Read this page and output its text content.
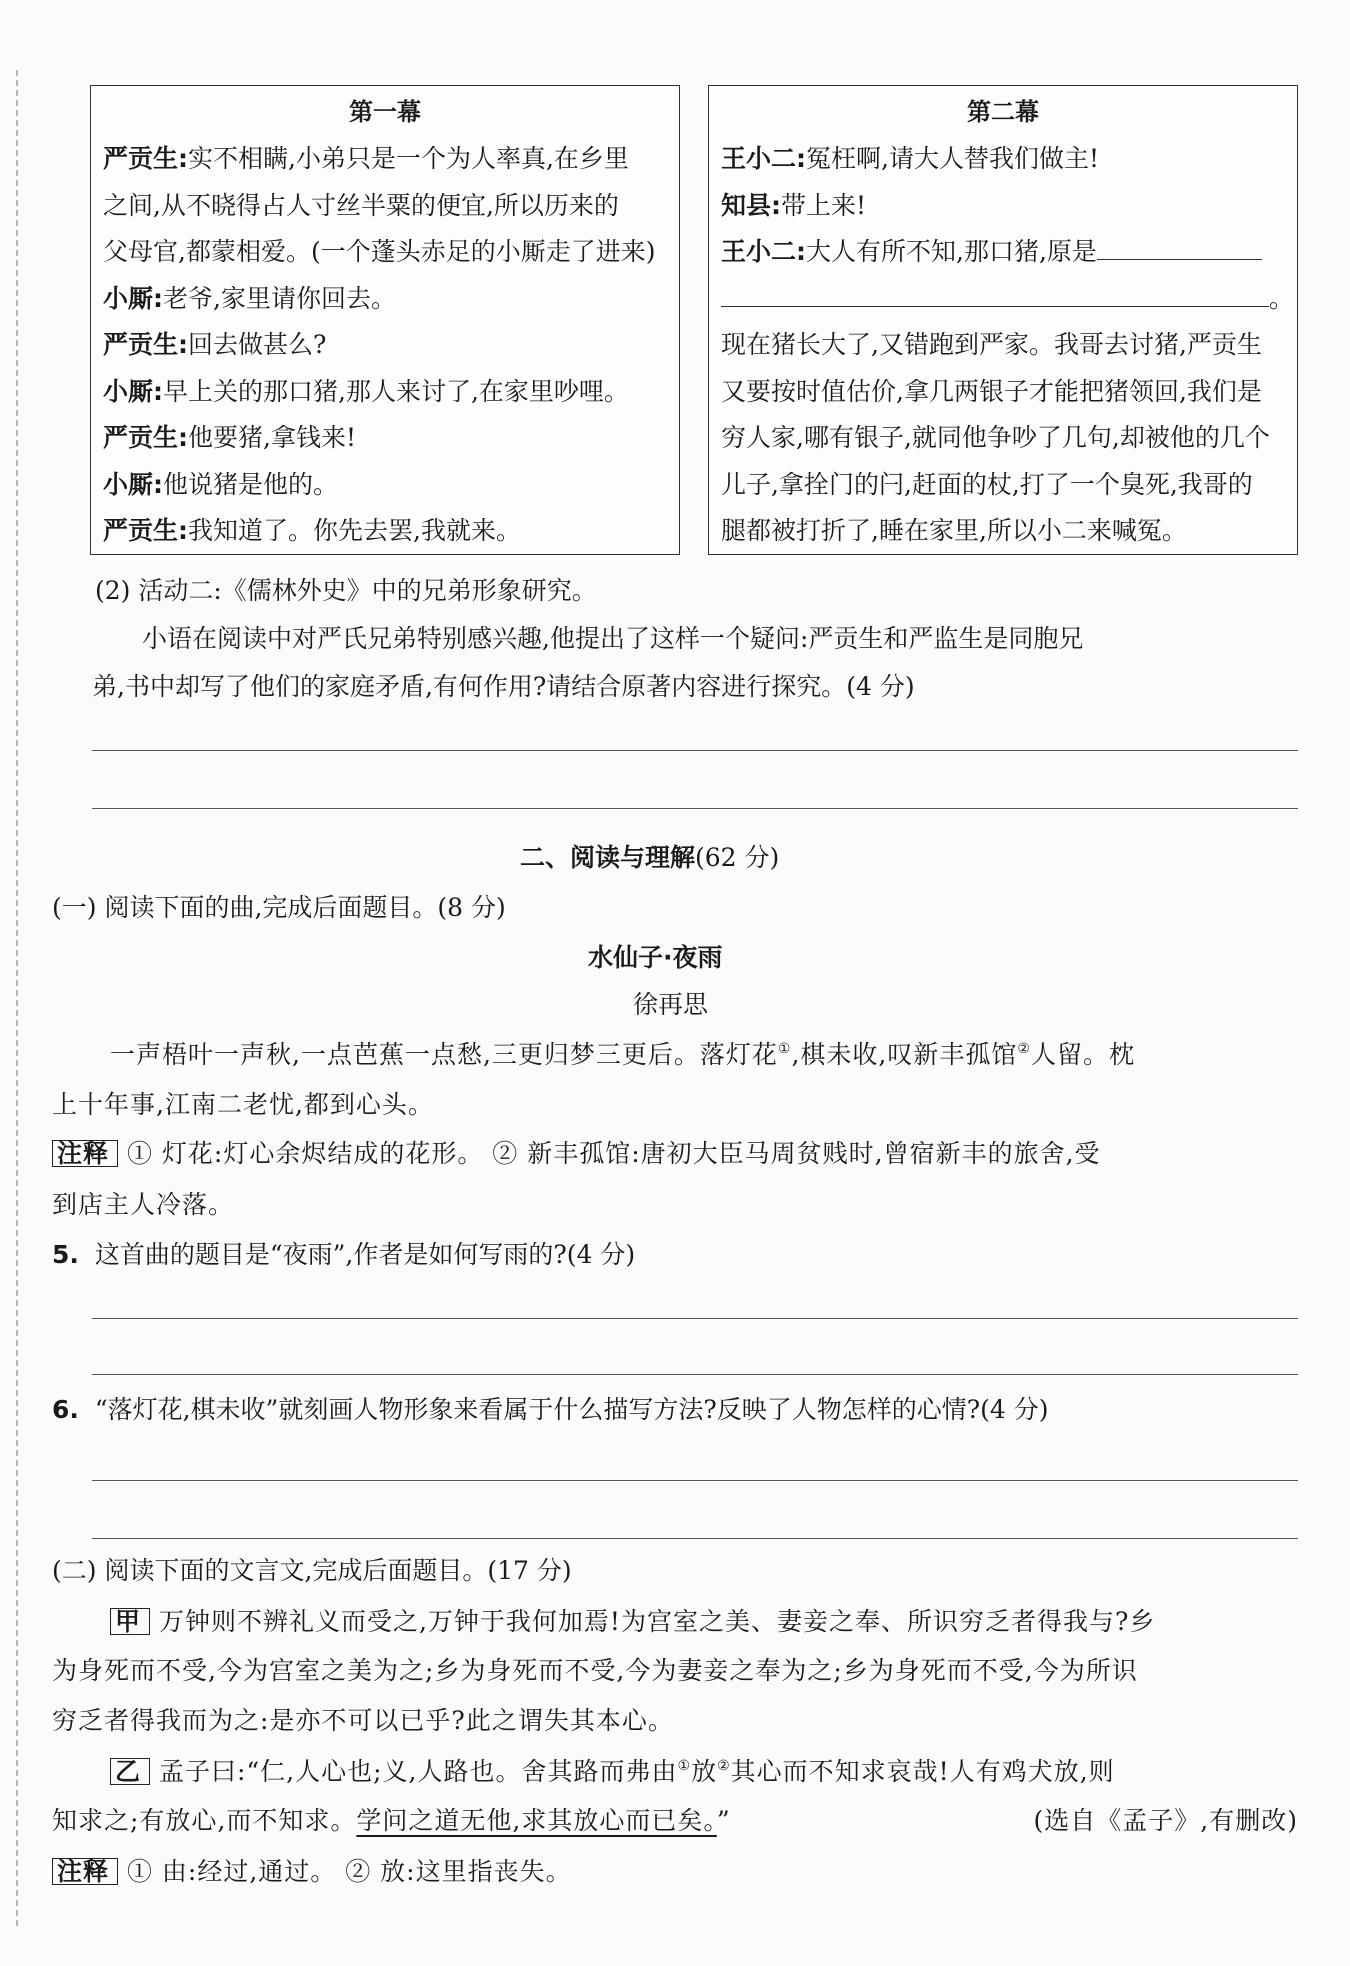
第一幕
严贡生:实不相瞒,小弟只是一个为人率真,在乡里
之间,从不晓得占人寸丝半粟的便宜,所以历来的
父母官,都蒙相爱。(一个蓬头赤足的小厮走了进来)
小厮:老爷,家里请你回去。
严贡生:回去做甚么?
小厮:早上关的那口猪,那人来讨了,在家里吵哩。
严贡生:他要猪,拿钱来!
小厮:他说猪是他的。
严贡生:我知道了。你先去罢,我就来。
第二幕
王小二:冤枉啊,请大人替我们做主!
知县:带上来!
王小二:大人有所不知,那口猪,原是
。
现在猪长大了,又错跑到严家。我哥去讨猪,严贡生
又要按时值估价,拿几两银子才能把猪领回,我们是
穷人家,哪有银子,就同他争吵了几句,却被他的几个
儿子,拿拴门的闩,赶面的杖,打了一个臭死,我哥的
腿都被打折了,睡在家里,所以小二来喊冤。
(2) 活动二:《儒林外史》中的兄弟形象研究。
小语在阅读中对严氏兄弟特别感兴趣,他提出了这样一个疑问:严贡生和严监生是同胞兄
弟,书中却写了他们的家庭矛盾,有何作用?请结合原著内容进行探究。(4 分)
二、阅读与理解(62 分)
(一) 阅读下面的曲,完成后面题目。(8 分)
水仙子·夜雨
徐再思
一声梧叶一声秋,一点芭蕉一点愁,三更归梦三更后。落灯花①,棋未收,叹新丰孤馆②人留。枕
上十年事,江南二老忧,都到心头。
注释 ① 灯花:灯心余烬结成的花形。 ② 新丰孤馆:唐初大臣马周贫贱时,曾宿新丰的旅舍,受
到店主人冷落。
5. 这首曲的题目是“夜雨”,作者是如何写雨的?(4 分)
6. “落灯花,棋未收”就刻画人物形象来看属于什么描写方法?反映了人物怎样的心情?(4 分)
(二) 阅读下面的文言文,完成后面题目。(17 分)
甲 万钟则不辨礼义而受之,万钟于我何加焉!为宫室之美、妻妾之奉、所识穷乏者得我与?乡
为身死而不受,今为宫室之美为之;乡为身死而不受,今为妻妾之奉为之;乡为身死而不受,今为所识
穷乏者得我而为之:是亦不可以已乎?此之谓失其本心。
乙 孟子曰:“仁,人心也;义,人路也。舍其路而弗由①放②其心而不知求哀哉!人有鸡犬放,则
知求之;有放心,而不知求。学问之道无他,求其放心而已矣。”	(选自《孟子》,有删改)
注释 ① 由:经过,通过。 ② 放:这里指丧失。
